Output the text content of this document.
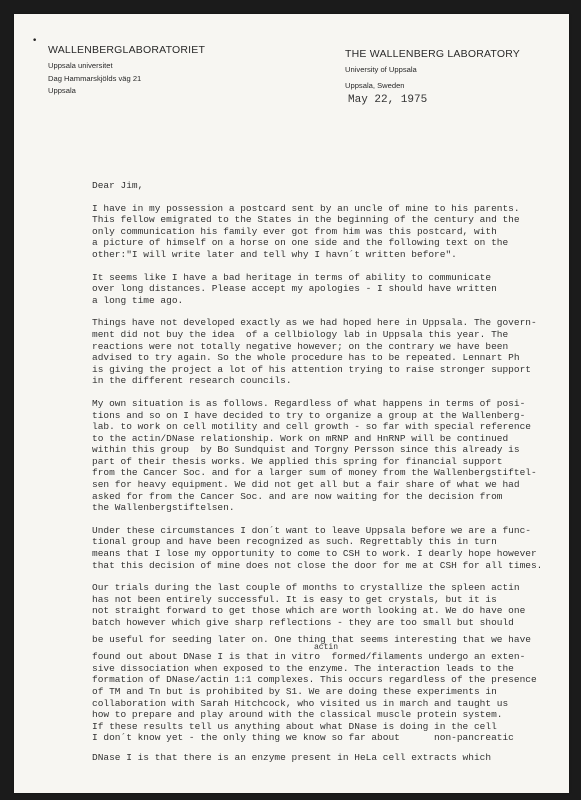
•
WALLENBERGLABORATORIET
Uppsala universitet
Dag Hammarskjölds väg 21
Uppsala
THE WALLENBERG LABORATORY
University of Uppsala
Uppsala, Sweden
May 22, 1975
Dear Jim,
I have in my possession a postcard sent by an uncle of mine to his parents.
This fellow emigrated to the States in the beginning of the century and the
only communication his family ever got from him was this postcard, with
a picture of himself on a horse on one side and the following text on the
other:"I will write later and tell why I havn´t written before".
It seems like I have a bad heritage in terms of ability to communicate
over long distances. Please accept my apologies - I should have written
a long time ago.
Things have not developed exactly as we had hoped here in Uppsala. The govern-
ment did not buy the idea  of a cellbiology lab in Uppsala this year. The
reactions were not totally negative however; on the contrary we have been
advised to try again. So the whole procedure has to be repeated. Lennart Ph
is giving the project a lot of his attention trying to raise stronger support
in the different research councils.
My own situation is as follows. Regardless of what happens in terms of posi-
tions and so on I have decided to try to organize a group at the Wallenberg-
lab. to work on cell motility and cell growth - so far with special reference
to the actin/DNase relationship. Work on mRNP and HnRNP will be continued
within this group  by Bo Sundquist and Torgny Persson since this already is
part of their thesis works. We applied this spring for financial support
from the Cancer Soc. and for a larger sum of money from the Wallenbergstiftel-
sen for heavy equipment. We did not get all but a fair share of what we had
asked for from the Cancer Soc. and are now waiting for the decision from
the Wallenbergstiftelsen.
Under these circumstances I don´t want to leave Uppsala before we are a func-
tional group and have been recognized as such. Regrettably this in turn
means that I lose my opportunity to come to CSH to work. I dearly hope however
that this decision of mine does not close the door for me at CSH for all times.
Our trials during the last couple of months to crystallize the spleen actin
has not been entirely successful. It is easy to get crystals, but it is
not straight forward to get those which are worth looking at. We do have one
batch however which give sharp reflections - they are too small but should
be useful for seeding later on. One thing that seems interesting that we have
actin
found out about DNase I is that in vitro  formed/filaments undergo an exten-
sive dissociation when exposed to the enzyme. The interaction leads to the
formation of DNase/actin 1:1 complexes. This occurs regardless of the presence
of TM and Tn but is prohibited by S1. We are doing these experiments in
collaboration with Sarah Hitchcock, who visited us in march and taught us
how to prepare and play around with the classical muscle protein system.
If these results tell us anything about what DNase is doing in the cell
I don´t know yet - the only thing we know so far about      non-pancreatic
DNase I is that there is an enzyme present in HeLa cell extracts which
